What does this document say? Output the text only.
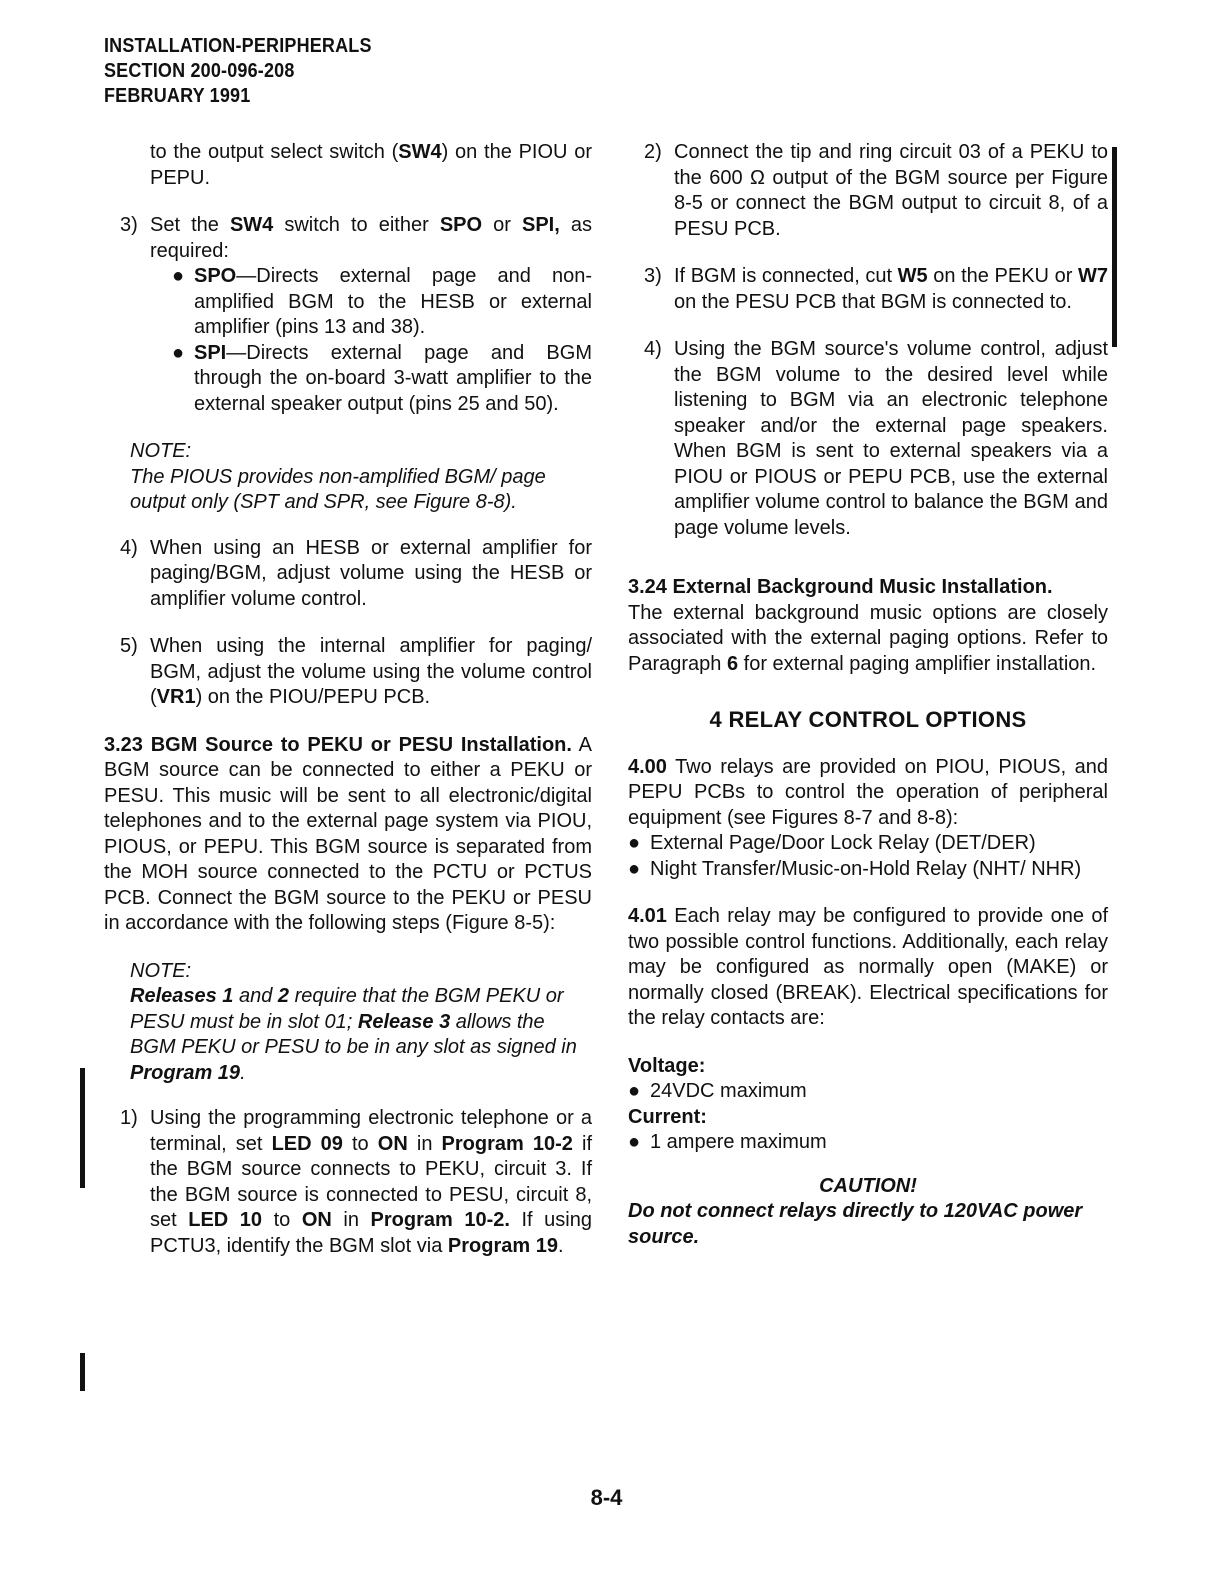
INSTALLATION-PERIPHERALS
SECTION 200-096-208
FEBRUARY 1991

to the output select switch (SW4) on the PIOU or PEPU.

3) Set the SW4 switch to either SPO or SPI, as required:
● SPO—Directs external page and non-amplified BGM to the HESB or external amplifier (pins 13 and 38).
● SPI—Directs external page and BGM through the on-board 3-watt amplifier to the external speaker output (pins 25 and 50).
NOTE:
The PIOUS provides non-amplified BGM/ page output only (SPT and SPR, see Figure 8-8).
4) When using an HESB or external amplifier for paging/BGM, adjust volume using the HESB or amplifier volume control.
5) When using the internal amplifier for paging/ BGM, adjust the volume using the volume control (VR1) on the PIOU/PEPU PCB.

3.23 BGM Source to PEKU or PESU Installation. A BGM source can be connected to either a PEKU or PESU. This music will be sent to all electronic/digital telephones and to the external page system via PIOU, PIOUS, or PEPU. This BGM source is separated from the MOH source connected to the PCTU or PCTUS PCB. Connect the BGM source to the PEKU or PESU in accordance with the following steps (Figure 8-5):

NOTE:
Releases 1 and 2 require that the BGM PEKU or PESU must be in slot 01; Release 3 allows the BGM PEKU or PESU to be in any slot as signed in Program 19.
1) Using the programming electronic telephone or a terminal, set LED 09 to ON in Program 10-2 if the BGM source connects to PEKU, circuit 3. If the BGM source is connected to PESU, circuit 8, set LED 10 to ON in Program 10-2. If using PCTU3, identify the BGM slot via Program 19.
2) Connect the tip and ring circuit 03 of a PEKU to the 600 Ω output of the BGM source per Figure 8-5 or connect the BGM output to circuit 8, of a PESU PCB.
3) If BGM is connected, cut W5 on the PEKU or W7 on the PESU PCB that BGM is connected to.
4) Using the BGM source's volume control, adjust the BGM volume to the desired level while listening to BGM via an electronic telephone speaker and/or the external page speakers. When BGM is sent to external speakers via a PIOU or PIOUS or PEPU PCB, use the external amplifier volume control to balance the BGM and page volume levels.

3.24 External Background Music Installation.

The external background music options are closely associated with the external paging options. Refer to Paragraph 6 for external paging amplifier installation.

4 RELAY CONTROL OPTIONS

4.00 Two relays are provided on PIOU, PIOUS, and PEPU PCBs to control the operation of peripheral equipment (see Figures 8-7 and 8-8):

● External Page/Door Lock Relay (DET/DER)
● Night Transfer/Music-on-Hold Relay (NHT/ NHR)

4.01 Each relay may be configured to provide one of two possible control functions. Additionally, each relay may be configured as normally open (MAKE) or normally closed (BREAK). Electrical specifications for the relay contacts are:

Voltage:

● 24VDC maximum

Current:

● 1 ampere maximum
CAUTION!

Do not connect relays directly to 120VAC power source.

8-4
